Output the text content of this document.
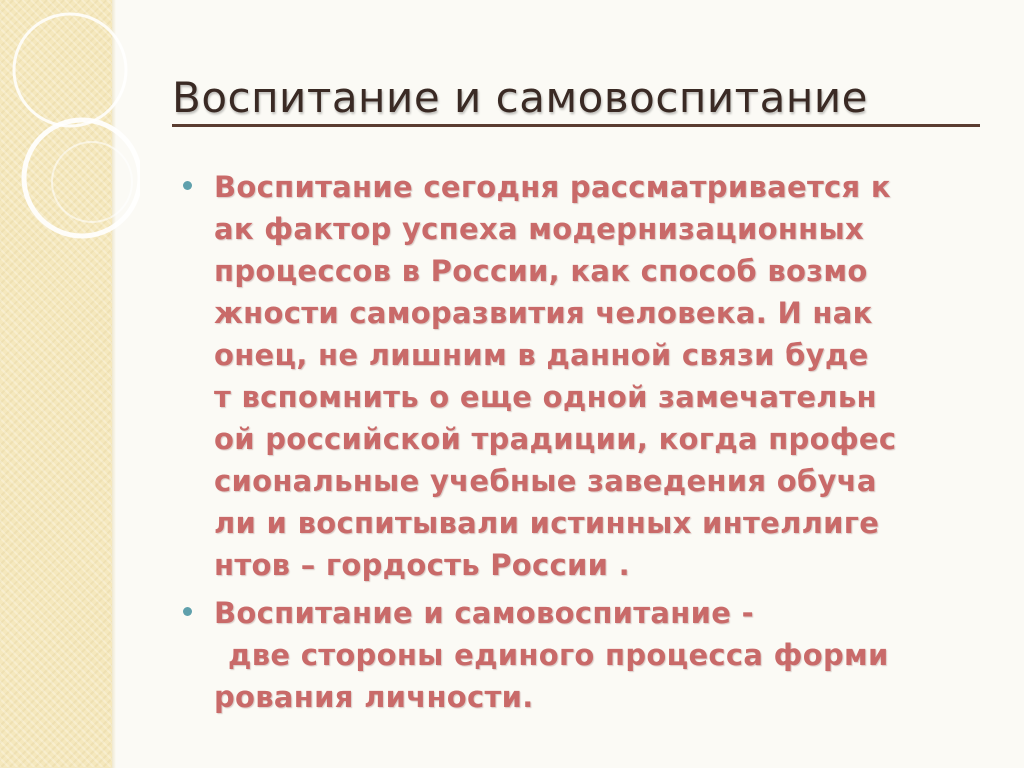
Воспитание и самовоспитание
Воспитание сегодня рассматривается к
ак фактор успеха модернизационных
процессов в России, как способ возмо
жности саморазвития человека. И нак
онец, не лишним в данной связи буде
т вспомнить о еще одной замечательн
ой российской традиции, когда профес
сиональные учебные заведения обуча
ли и воспитывали истинных интеллиге
нтов – гордость России .
Воспитание и самовоспитание -
две стороны единого процесса форми
рования личности.
